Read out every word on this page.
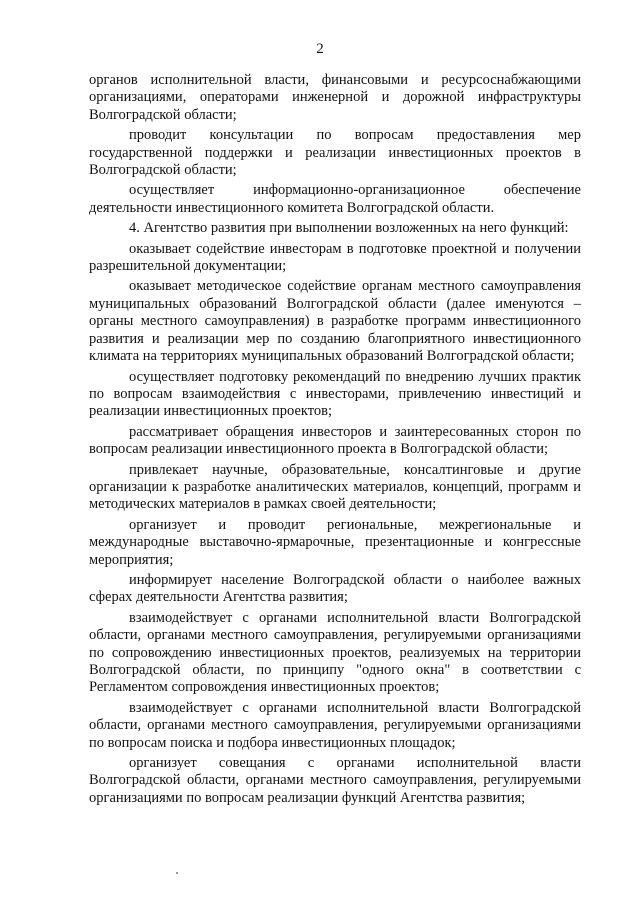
2

органов исполнительной власти, финансовыми и ресурсоснабжающими организациями, операторами инженерной и дорожной инфраструктуры Волгоградской области;

проводит консультации по вопросам предоставления мер государственной поддержки и реализации инвестиционных проектов в Волгоградской области;

осуществляет информационно-организационное обеспечение деятельности инвестиционного комитета Волгоградской области.

4. Агентство развития при выполнении возложенных на него функций:

оказывает содействие инвесторам в подготовке проектной и получении разрешительной документации;

оказывает методическое содействие органам местного самоуправления муниципальных образований Волгоградской области (далее именуются – органы местного самоуправления) в разработке программ инвестиционного развития и реализации мер по созданию благоприятного инвестиционного климата на территориях муниципальных образований Волгоградской области;

осуществляет подготовку рекомендаций по внедрению лучших практик по вопросам взаимодействия с инвесторами, привлечению инвестиций и реализации инвестиционных проектов;

рассматривает обращения инвесторов и заинтересованных сторон по вопросам реализации инвестиционного проекта в Волгоградской области;

привлекает научные, образовательные, консалтинговые и другие организации к разработке аналитических материалов, концепций, программ и методических материалов в рамках своей деятельности;

организует и проводит региональные, межрегиональные и международные выставочно-ярмарочные, презентационные и конгрессные мероприятия;

информирует население Волгоградской области о наиболее важных сферах деятельности Агентства развития;

взаимодействует с органами исполнительной власти Волгоградской области, органами местного самоуправления, регулируемыми организациями по сопровождению инвестиционных проектов, реализуемых на территории Волгоградской области, по принципу "одного окна" в соответствии с Регламентом сопровождения инвестиционных проектов;

взаимодействует с органами исполнительной власти Волгоградской области, органами местного самоуправления, регулируемыми организациями по вопросам поиска и подбора инвестиционных площадок;

организует совещания с органами исполнительной власти Волгоградской области, органами местного самоуправления, регулируемыми организациями по вопросам реализации функций Агентства развития;
